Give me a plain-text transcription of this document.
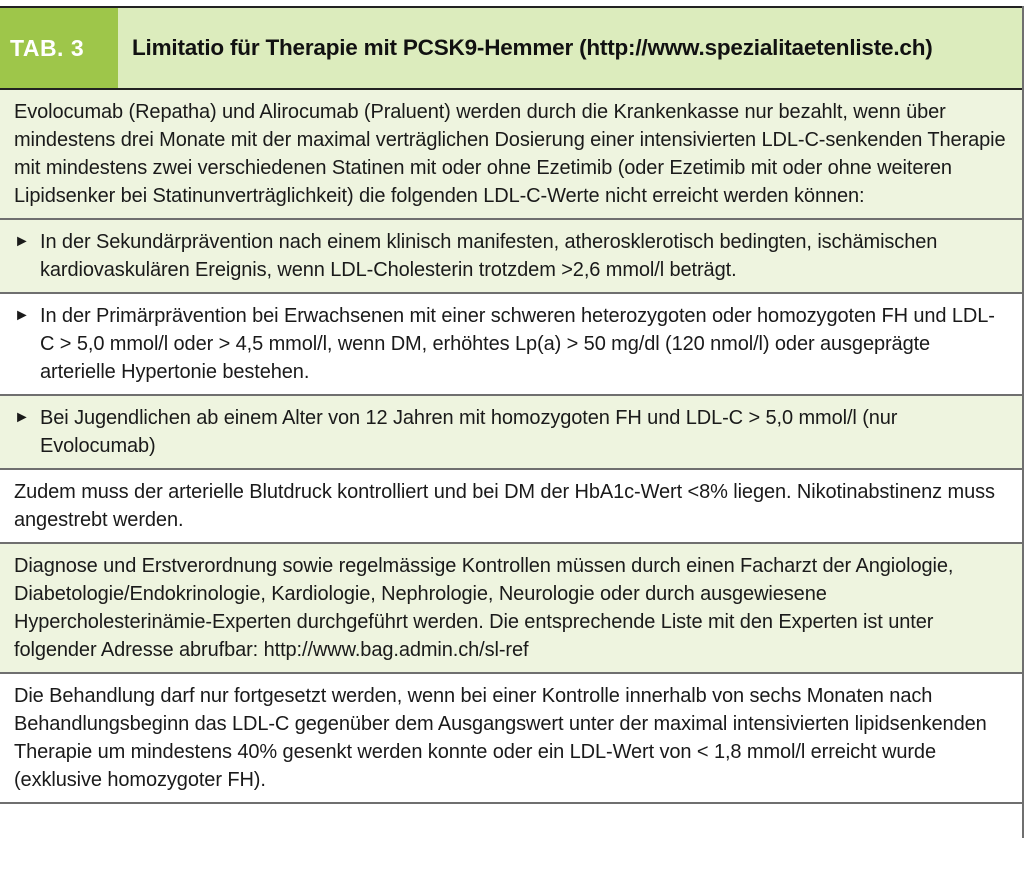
TAB. 3	Limitatio für Therapie mit PCSK9-Hemmer (http://www.spezialitaetenliste.ch)
Evolocumab (Repatha) und Alirocumab (Praluent) werden durch die Krankenkasse nur bezahlt, wenn über mindestens drei Monate mit der maximal verträglichen Dosierung einer intensivierten LDL-C-senkenden Therapie mit mindestens zwei verschiedenen Statinen mit oder ohne Ezetimib (oder Ezetimib mit oder ohne weiteren Lipidsenker bei Statinunverträglichkeit) die folgenden LDL-C-Werte nicht erreicht werden können:
► In der Sekundärprävention nach einem klinisch manifesten, atherosklerotisch bedingten, ischämischen kardiovaskulären Ereignis, wenn LDL-Cholesterin trotzdem >2,6 mmol/l beträgt.
► In der Primärprävention bei Erwachsenen mit einer schweren heterozygoten oder homozygoten FH und LDL-C > 5,0 mmol/l oder > 4,5 mmol/l, wenn DM, erhöhtes Lp(a) > 50 mg/dl (120 nmol/l) oder ausgeprägte arterielle Hypertonie bestehen.
► Bei Jugendlichen ab einem Alter von 12 Jahren mit homozygoten FH und LDL-C > 5,0 mmol/l (nur Evolocumab)
Zudem muss der arterielle Blutdruck kontrolliert und bei DM der HbA1c-Wert <8% liegen. Nikotinabstinenz muss angestrebt werden.
Diagnose und Erstverordnung sowie regelmässige Kontrollen müssen durch einen Facharzt der Angiologie, Diabetologie/Endokrinologie, Kardiologie, Nephrologie, Neurologie oder durch ausgewiesene Hypercholesterinämie-Experten durchgeführt werden. Die entsprechende Liste mit den Experten ist unter folgender Adresse abrufbar: http://www.bag.admin.ch/sl-ref
Die Behandlung darf nur fortgesetzt werden, wenn bei einer Kontrolle innerhalb von sechs Monaten nach Behandlungsbeginn das LDL-C gegenüber dem Ausgangswert unter der maximal intensivierten lipidsenkenden Therapie um mindestens 40% gesenkt werden konnte oder ein LDL-Wert von < 1,8 mmol/l erreicht wurde (exklusive homozygoter FH).
